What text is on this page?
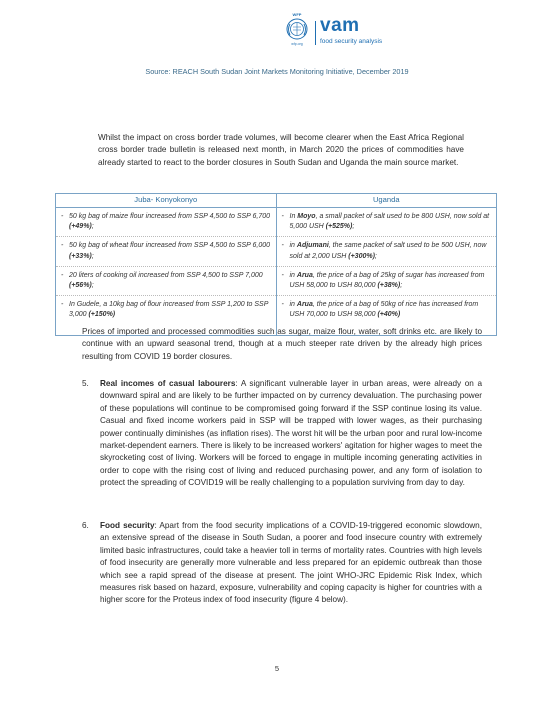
WFP
wfp.org
vam
food security analysis
Source: REACH South Sudan Joint Markets Monitoring Initiative, December 2019

Whilst the impact on cross border trade volumes, will become clearer when the East Africa Regional cross border trade bulletin is released next month, in March 2020 the prices of commodities have already started to react to the border closures in South Sudan and Uganda the main source market.

Juba- Konyokonyo	Uganda

- 50 kg bag of maize flour increased from SSP 4,500 to SSP 6,700 (+49%);	- In Moyo, a small packet of salt used to be 800 USH, now sold at 5,000 USH (+525%);

- 50 kg bag of wheat flour increased from SSP 4,500 to SSP 6,000 (+33%);	- in Adjumani, the same packet of salt used to be 500 USH, now sold at 2,000 USH (+300%);

- 20 liters of cooking oil increased from SSP 4,500 to SSP 7,000 (+56%);	- in Arua, the price of a bag of 25kg of sugar has increased from USH 58,000 to USH 80,000 (+38%);

- In Gudele, a 10kg bag of flour increased from SSP 1,200 to SSP 3,000 (+150%)	- in Arua, the price of a bag of 50kg of rice has increased from USH 70,000 to USH 98,000 (+40%)

Prices of imported and processed commodities such as sugar, maize flour, water, soft drinks etc. are likely to continue with an upward seasonal trend, though at a much steeper rate driven by the already high prices resulting from COVID 19 border closures.

5. Real incomes of casual labourers: A significant vulnerable layer in urban areas, were already on a downward spiral and are likely to be further impacted on by currency devaluation. The purchasing power of these populations will continue to be compromised going forward if the SSP continue losing its value. Casual and fixed income workers paid in SSP will be trapped with lower wages, as their purchasing power continually diminishes (as inflation rises). The worst hit will be the urban poor and rural low-income market-dependent earners. There is likely to be increased workers' agitation for higher wages to meet the skyrocketing cost of living. Workers will be forced to engage in multiple incoming generating activities in order to cope with the rising cost of living and reduced purchasing power, and any form of isolation to protect the spreading of COVID19 will be really challenging to a population surviving from day to day.

6. Food security: Apart from the food security implications of a COVID-19-triggered economic slowdown, an extensive spread of the disease in South Sudan, a poorer and food insecure country with extremely limited basic infrastructures, could take a heavier toll in terms of mortality rates. Countries with high levels of food insecurity are generally more vulnerable and less prepared for an epidemic outbreak than those which see a rapid spread of the disease at present. The joint WHO-JRC Epidemic Risk Index, which measures risk based on hazard, exposure, vulnerability and coping capacity is higher for countries with a higher score for the Proteus index of food insecurity (figure 4 below).

5
